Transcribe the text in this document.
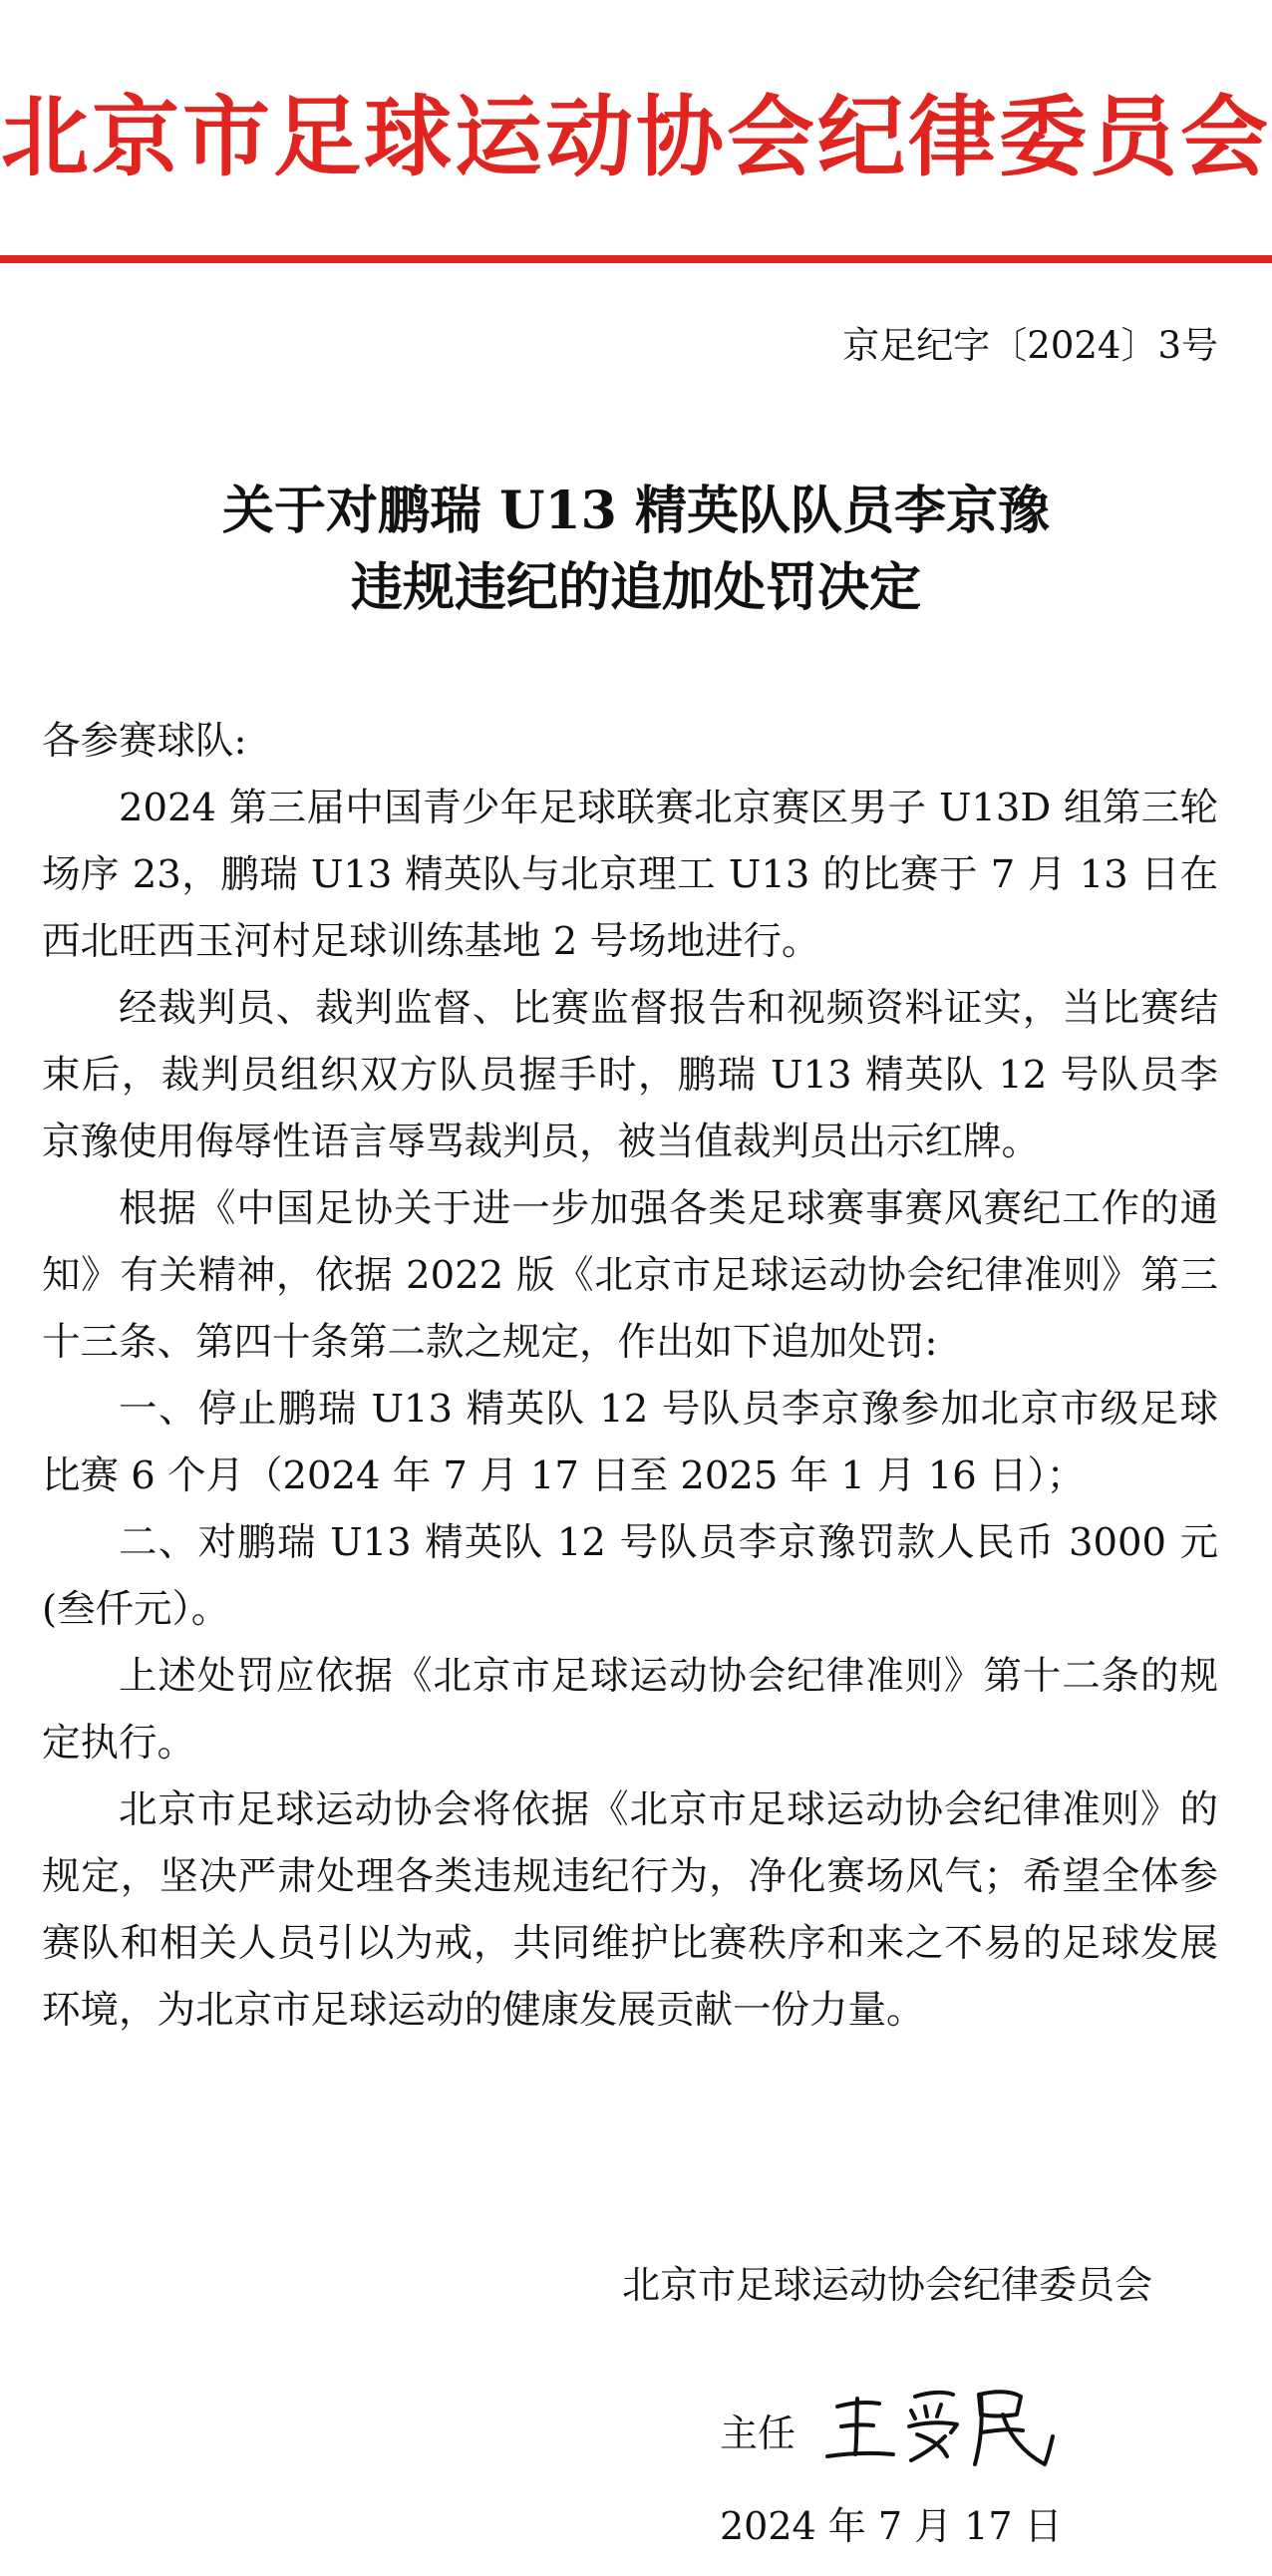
北京市足球运动协会纪律委员会
京足纪字〔2024〕3号
关于对鹏瑞 U13 精英队队员李京豫
违规违纪的追加处罚决定

各参赛球队:

2024 第三届中国青少年足球联赛北京赛区男子 U13D 组第三轮场序 23，鹏瑞 U13 精英队与北京理工 U13 的比赛于 7 月 13 日在西北旺西玉河村足球训练基地 2 号场地进行。

经裁判员、裁判监督、比赛监督报告和视频资料证实，当比赛结束后，裁判员组织双方队员握手时，鹏瑞 U13 精英队 12 号队员李京豫使用侮辱性语言辱骂裁判员，被当值裁判员出示红牌。

根据《中国足协关于进一步加强各类足球赛事赛风赛纪工作的通知》有关精神，依据 2022 版《北京市足球运动协会纪律准则》第三十三条、第四十条第二款之规定，作出如下追加处罚:

一、停止鹏瑞 U13 精英队 12 号队员李京豫参加北京市级足球比赛 6 个月（2024 年 7 月 17 日至 2025 年 1 月 16 日）；

二、对鹏瑞 U13 精英队 12 号队员李京豫罚款人民币 3000 元(叁仟元）。

上述处罚应依据《北京市足球运动协会纪律准则》第十二条的规定执行。

北京市足球运动协会将依据《北京市足球运动协会纪律准则》的规定，坚决严肃处理各类违规违纪行为，净化赛场风气；希望全体参赛队和相关人员引以为戒，共同维护比赛秩序和来之不易的足球发展环境，为北京市足球运动的健康发展贡献一份力量。

北京市足球运动协会纪律委员会
主任
2024 年 7 月 17 日
